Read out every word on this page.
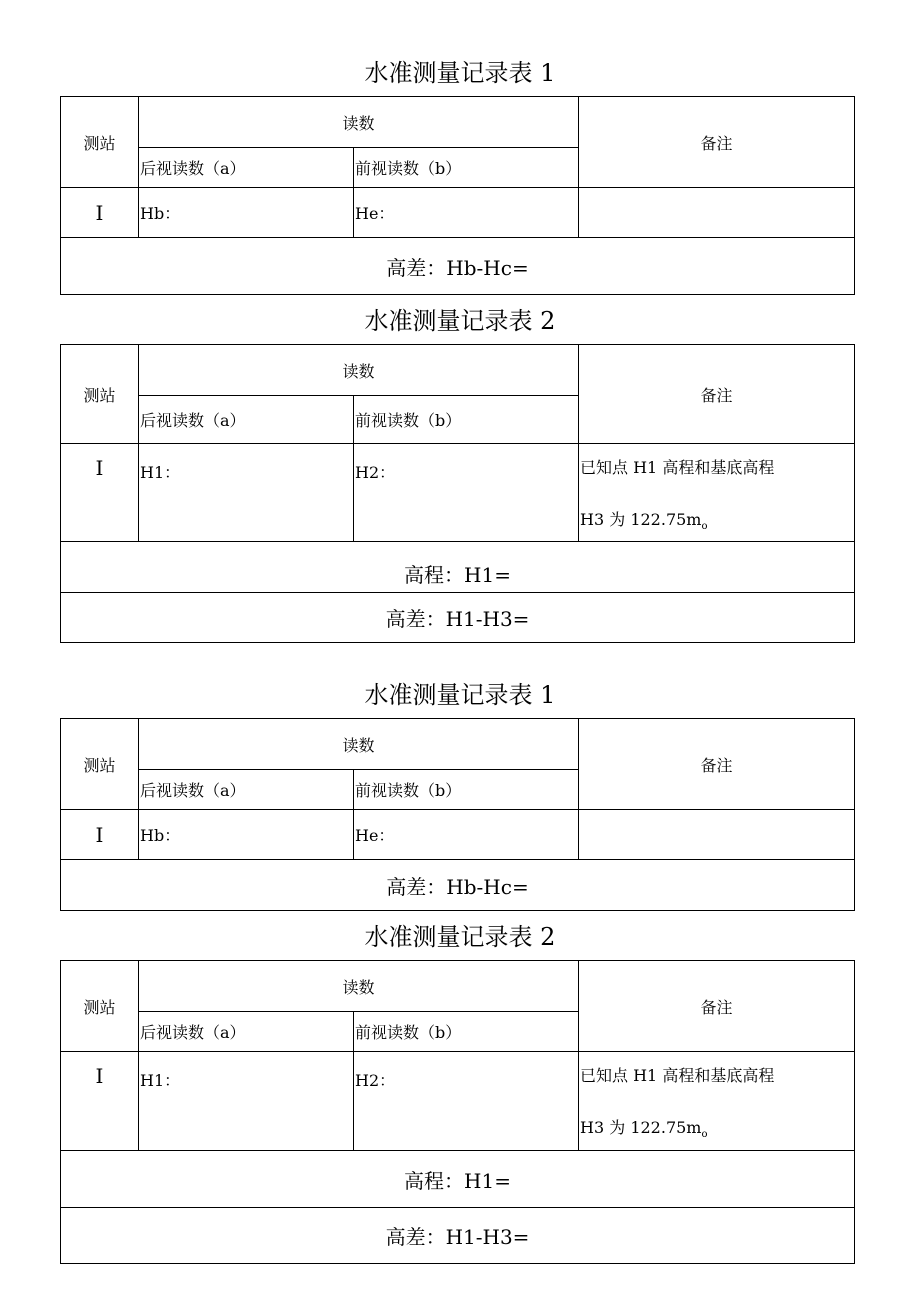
水准测量记录表 1
测站	读数		备注
	后视读数（a）	前视读数（b）	
I	Hb：	He：	
高差：Hb-Hc=			
水准测量记录表 2
测站	读数		备注
	后视读数（a）	前视读数（b）	
I	H1：	H2：	已知点 H1 高程和基底高程
H3 为 $122.75m_o$

高程：H1=			
高差：H1-H3=			
水准测量记录表 1
测站	读数		备注
	后视读数（a）	前视读数（b）	
I	Hb：	He：	
高差：Hb-Hc=			
水准测量记录表 2
测站	读数		备注
	后视读数（a）	前视读数（b）	
I	H1：	H2：	已知点 H1 高程和基底高程
H3 为 $122.75m_o$

高程：H1=			
高差：H1-H3=			
